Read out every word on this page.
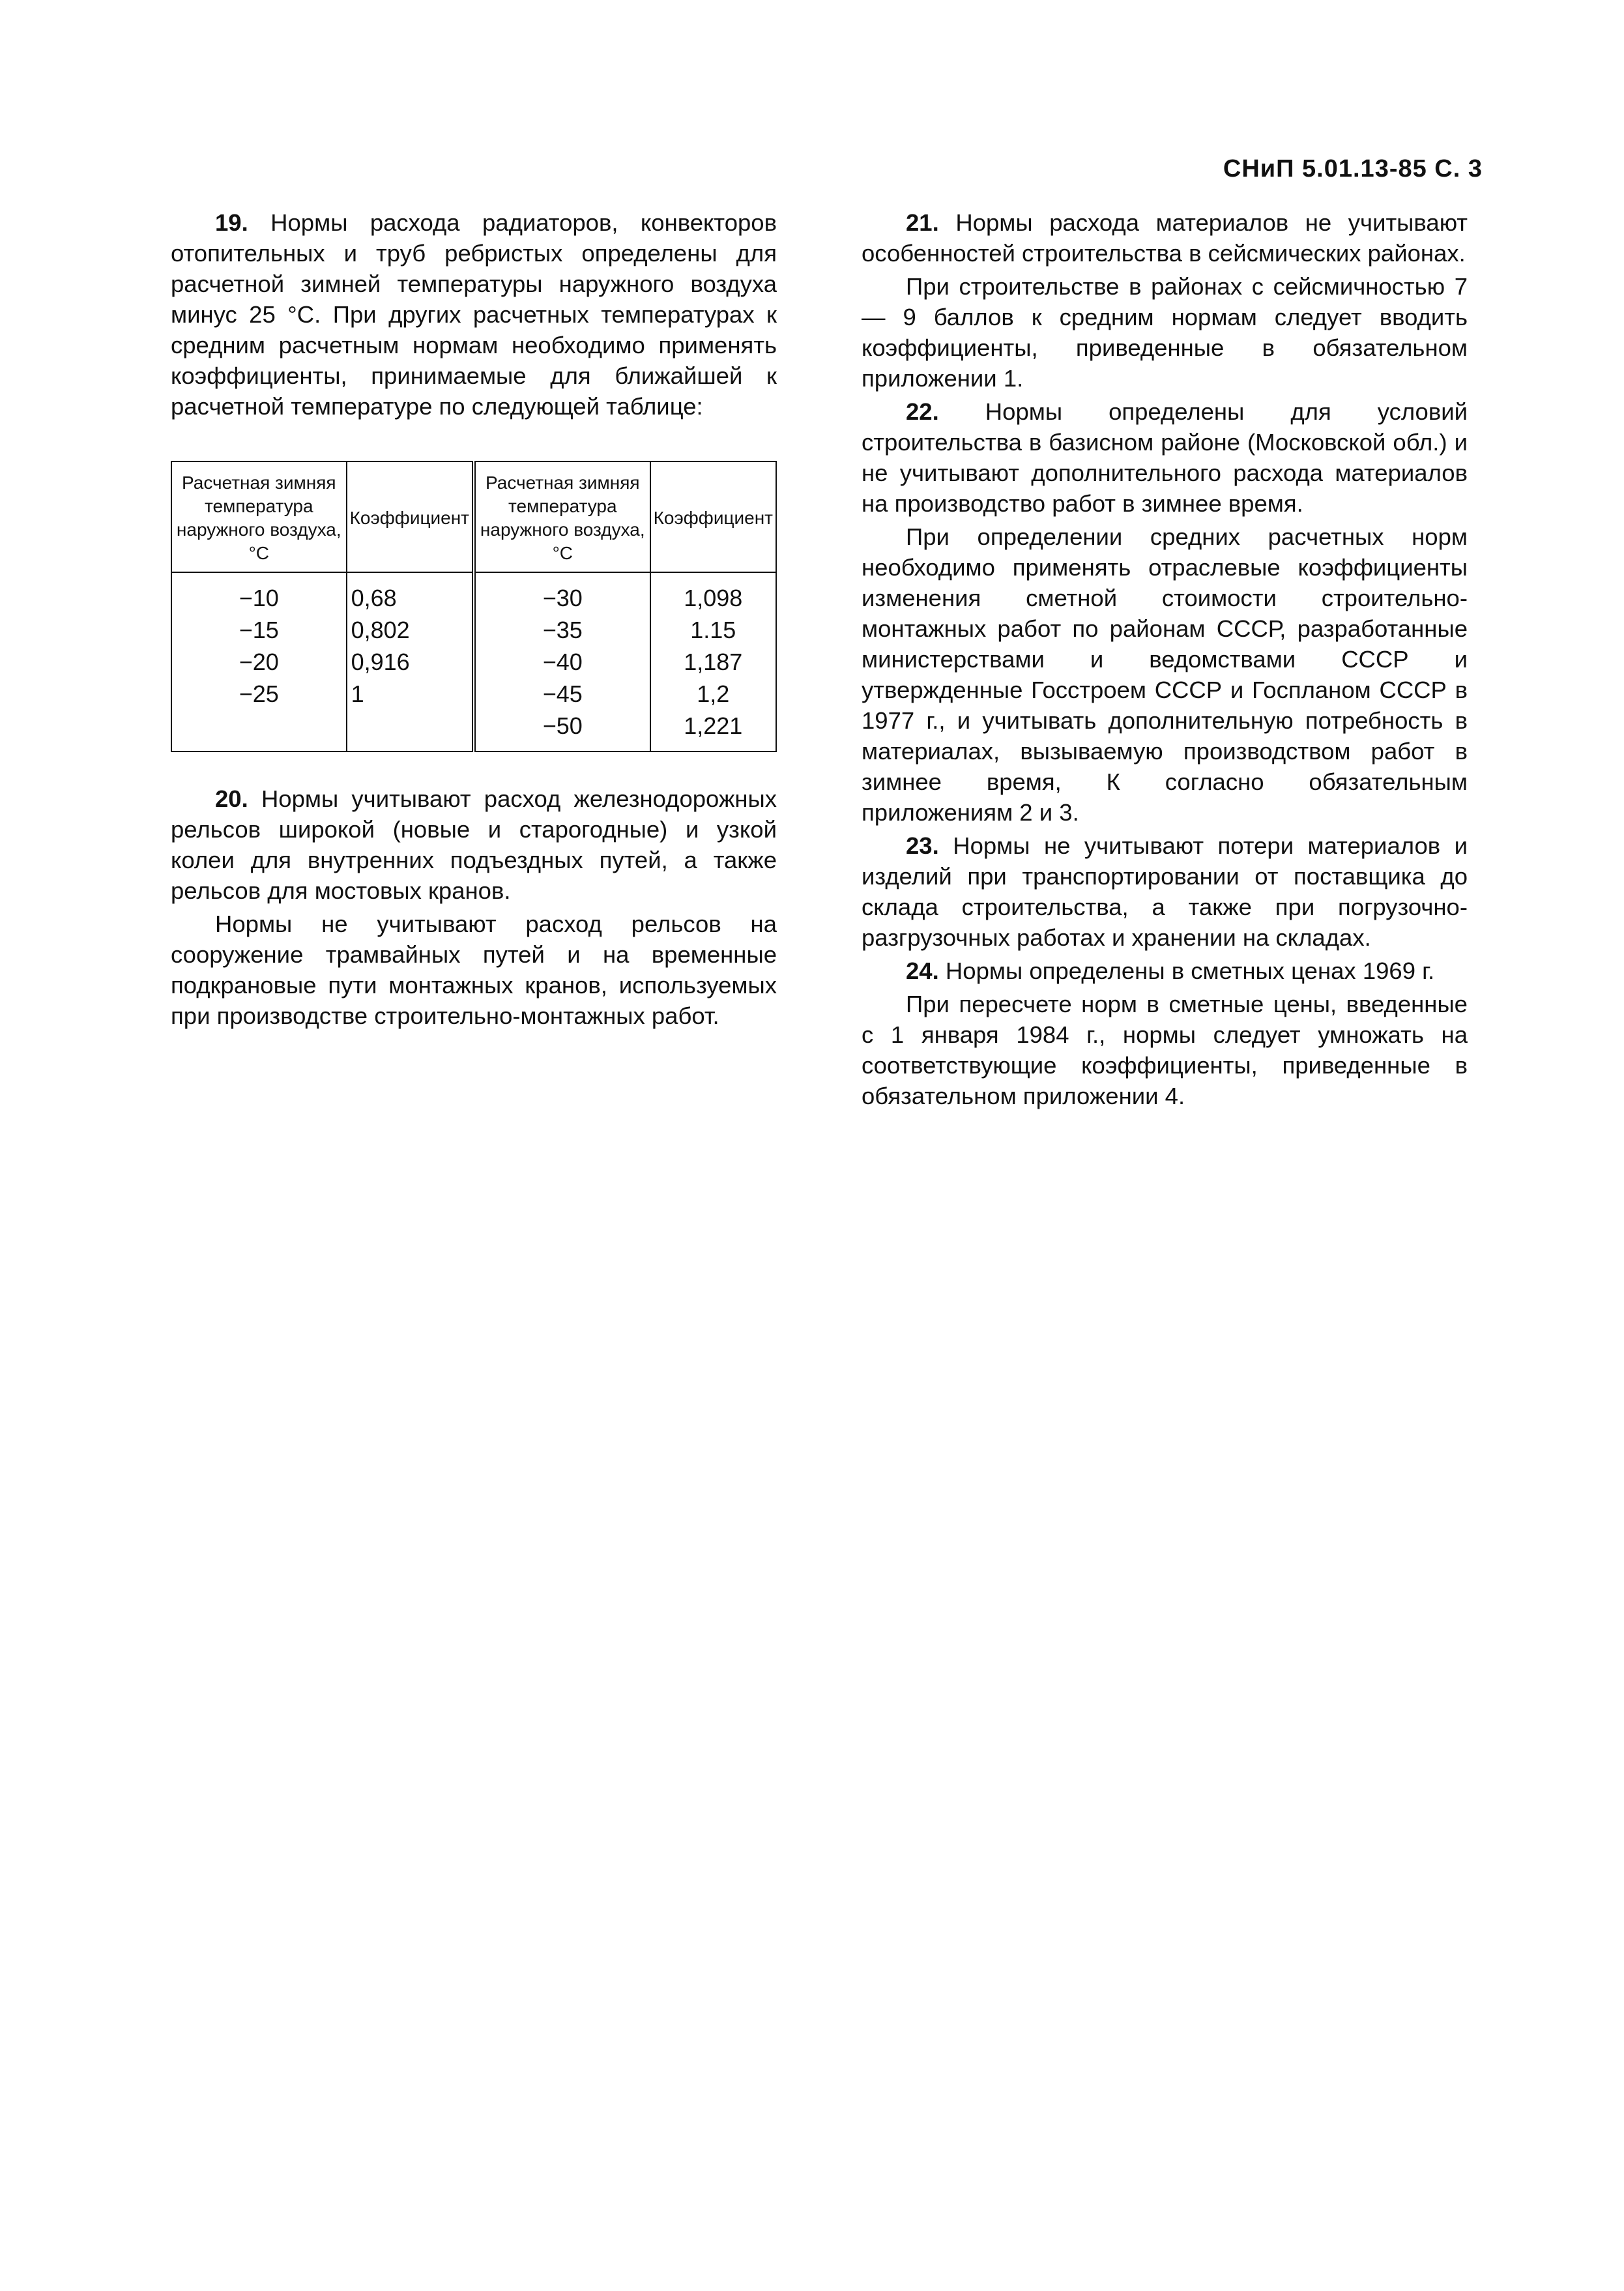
СНиП 5.01.13-85 С. 3

19. Нормы расхода радиаторов, конвекторов отопительных и труб ребристых определены для расчетной зимней температуры наружного воздуха минус 25 °С. При других расчетных температурах к средним расчетным нормам необходимо применять коэффициенты, принимаемые для ближайшей к расчетной температуре по следующей таблице:

Расчетная зимняя температура наружного воздуха, °С	Коэффициент	Расчетная зимняя температура наружного воздуха, °С	Коэффициент
−10	0,68	−30	1,098
−15	0,802	−35	1.15
−20	0,916	−40	1,187
−25	1	−45	1,2
		−50	1,221

20. Нормы учитывают расход железнодорожных рельсов широкой (новые и старогодные) и узкой колеи для внутренних подъездных путей, а также рельсов для мостовых кранов.

Нормы не учитывают расход рельсов на сооружение трамвайных путей и на временные подкрановые пути монтажных кранов, используемых при производстве строительно-монтажных работ.

21. Нормы расхода материалов не учитывают особенностей строительства в сейсмических районах.

При строительстве в районах с сейсмичностью 7 — 9 баллов к средним нормам следует вводить коэффициенты, приведенные в обязательном приложении 1.

22. Нормы определены для условий строительства в базисном районе (Московской обл.) и не учитывают дополнительного расхода материалов на производство работ в зимнее время.

При определении средних расчетных норм необходимо применять отраслевые коэффициенты изменения сметной стоимости строительно-монтажных работ по районам СССР, разработанные министерствами и ведомствами СССР и утвержденные Госстроем СССР и Госпланом СССР в 1977 г., и учитывать дополнительную потребность в материалах, вызываемую производством работ в зимнее время, К согласно обязательным приложениям 2 и 3.

23. Нормы не учитывают потери материалов и изделий при транспортировании от поставщика до склада строительства, а также при погрузочно-разгрузочных работах и хранении на складах.

24. Нормы определены в сметных ценах 1969 г.

При пересчете норм в сметные цены, введенные с 1 января 1984 г., нормы следует умножать на соответствующие коэффициенты, приведенные в обязательном приложении 4.
